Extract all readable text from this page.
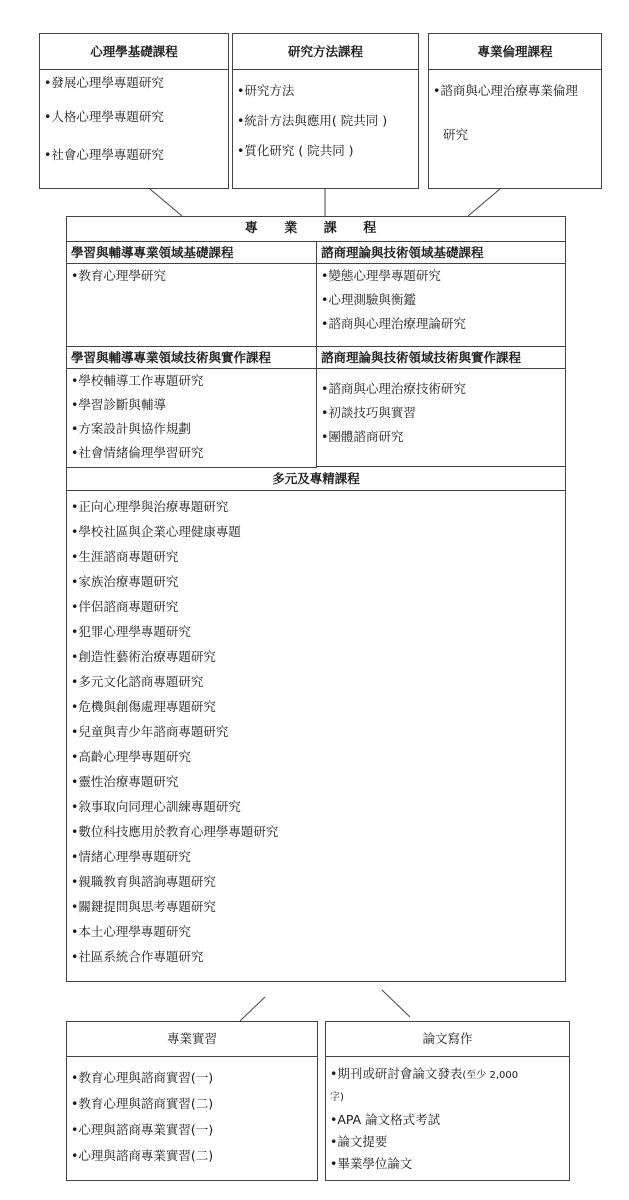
心理學基礎課程
•發展心理學專題研究
•人格心理學專題研究
•社會心理學專題研究
研究方法課程
•研究方法
•統計方法與應用( 院共同 )
•質化研究 ( 院共同 )
專業倫理課程
•諮商與心理治療專業倫理
研究
專 業 課 程
學習與輔導專業領域基礎課程
•教育心理學研究
諮商理論與技術領域基礎課程
•變態心理學專題研究
•心理測驗與衡鑑
•諮商與心理治療理論研究
學習與輔導專業領域技術與實作課程
•學校輔導工作專題研究
•學習診斷與輔導
•方案設計與協作規劃
•社會情緒倫理學習研究
諮商理論與技術領域技術與實作課程
•諮商與心理治療技術研究
•初談技巧與實習
•團體諮商研究
多元及專精課程
•正向心理學與治療專題研究
•學校社區與企業心理健康專題
•生涯諮商專題研究
•家族治療專題研究
•伴侶諮商專題研究
•犯罪心理學專題研究
•創造性藝術治療專題研究
•多元文化諮商專題研究
•危機與創傷處理專題研究
•兒童與青少年諮商專題研究
•高齡心理學專題研究
•靈性治療專題研究
•敘事取向同理心訓練專題研究
•數位科技應用於教育心理學專題研究
•情緒心理學專題研究
•親職教育與諮詢專題研究
•關鍵提問與思考專題研究
•本土心理學專題研究
•社區系統合作專題研究
專業實習
•教育心理與諮商實習(一)
•教育心理與諮商實習(二)
•心理與諮商專業實習(一)
•心理與諮商專業實習(二)
論文寫作
•期刊或研討會論文發表(至少 2,000
字)
•APA 論文格式考試
•論文提要
•畢業學位論文
